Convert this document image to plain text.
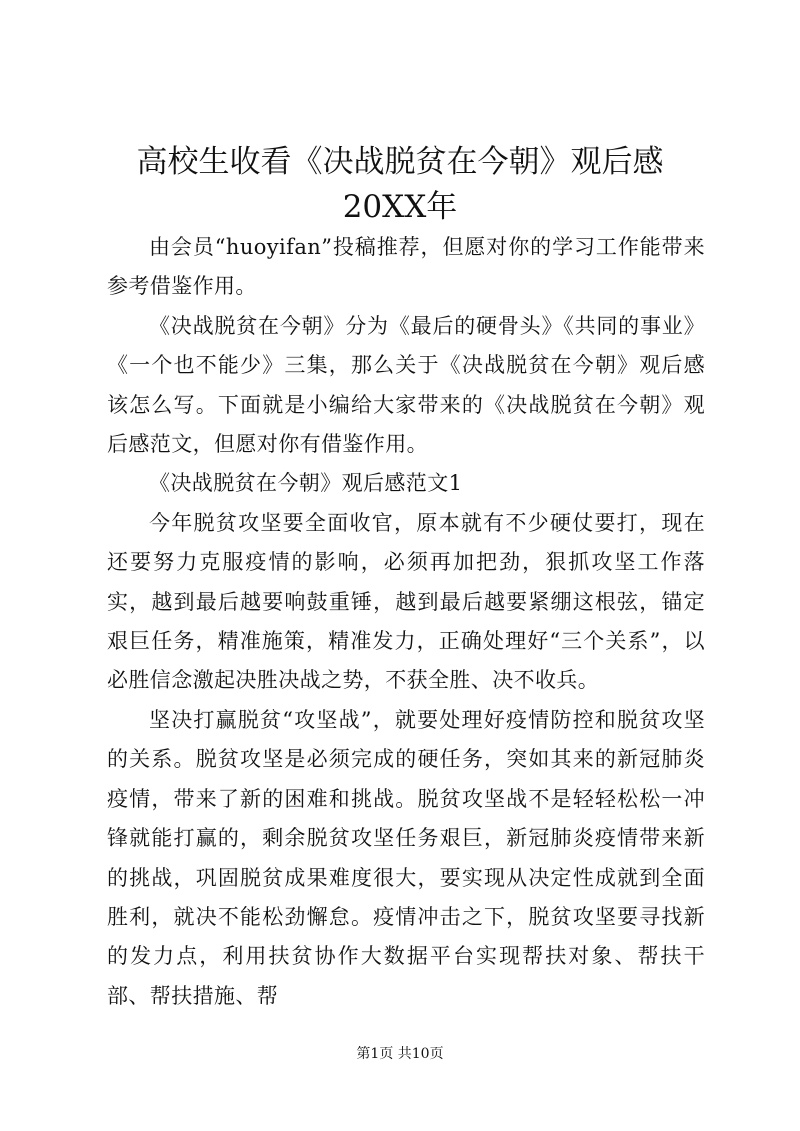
高校生收看《决战脱贫在今朝》观后感20XX年

由会员“huoyifan”投稿推荐，但愿对你的学习工作能带来参考借鉴作用。

《决战脱贫在今朝》分为《最后的硬骨头》《共同的事业》《一个也不能少》三集，那么关于《决战脱贫在今朝》观后感该怎么写。下面就是小编给大家带来的《决战脱贫在今朝》观后感范文，但愿对你有借鉴作用。

《决战脱贫在今朝》观后感范文1

今年脱贫攻坚要全面收官，原本就有不少硬仗要打，现在还要努力克服疫情的影响，必须再加把劲，狠抓攻坚工作落实，越到最后越要响鼓重锤，越到最后越要紧绷这根弦，锚定艰巨任务，精准施策，精准发力，正确处理好“三个关系”，以必胜信念激起决胜决战之势，不获全胜、决不收兵。

坚决打赢脱贫“攻坚战”，就要处理好疫情防控和脱贫攻坚的关系。脱贫攻坚是必须完成的硬任务，突如其来的新冠肺炎疫情，带来了新的困难和挑战。脱贫攻坚战不是轻轻松松一冲锋就能打赢的，剩余脱贫攻坚任务艰巨，新冠肺炎疫情带来新的挑战，巩固脱贫成果难度很大，要实现从决定性成就到全面胜利，就决不能松劲懈怠。疫情冲击之下，脱贫攻坚要寻找新的发力点，利用扶贫协作大数据平台实现帮扶对象、帮扶干部、帮扶措施、帮

第1页 共10页
